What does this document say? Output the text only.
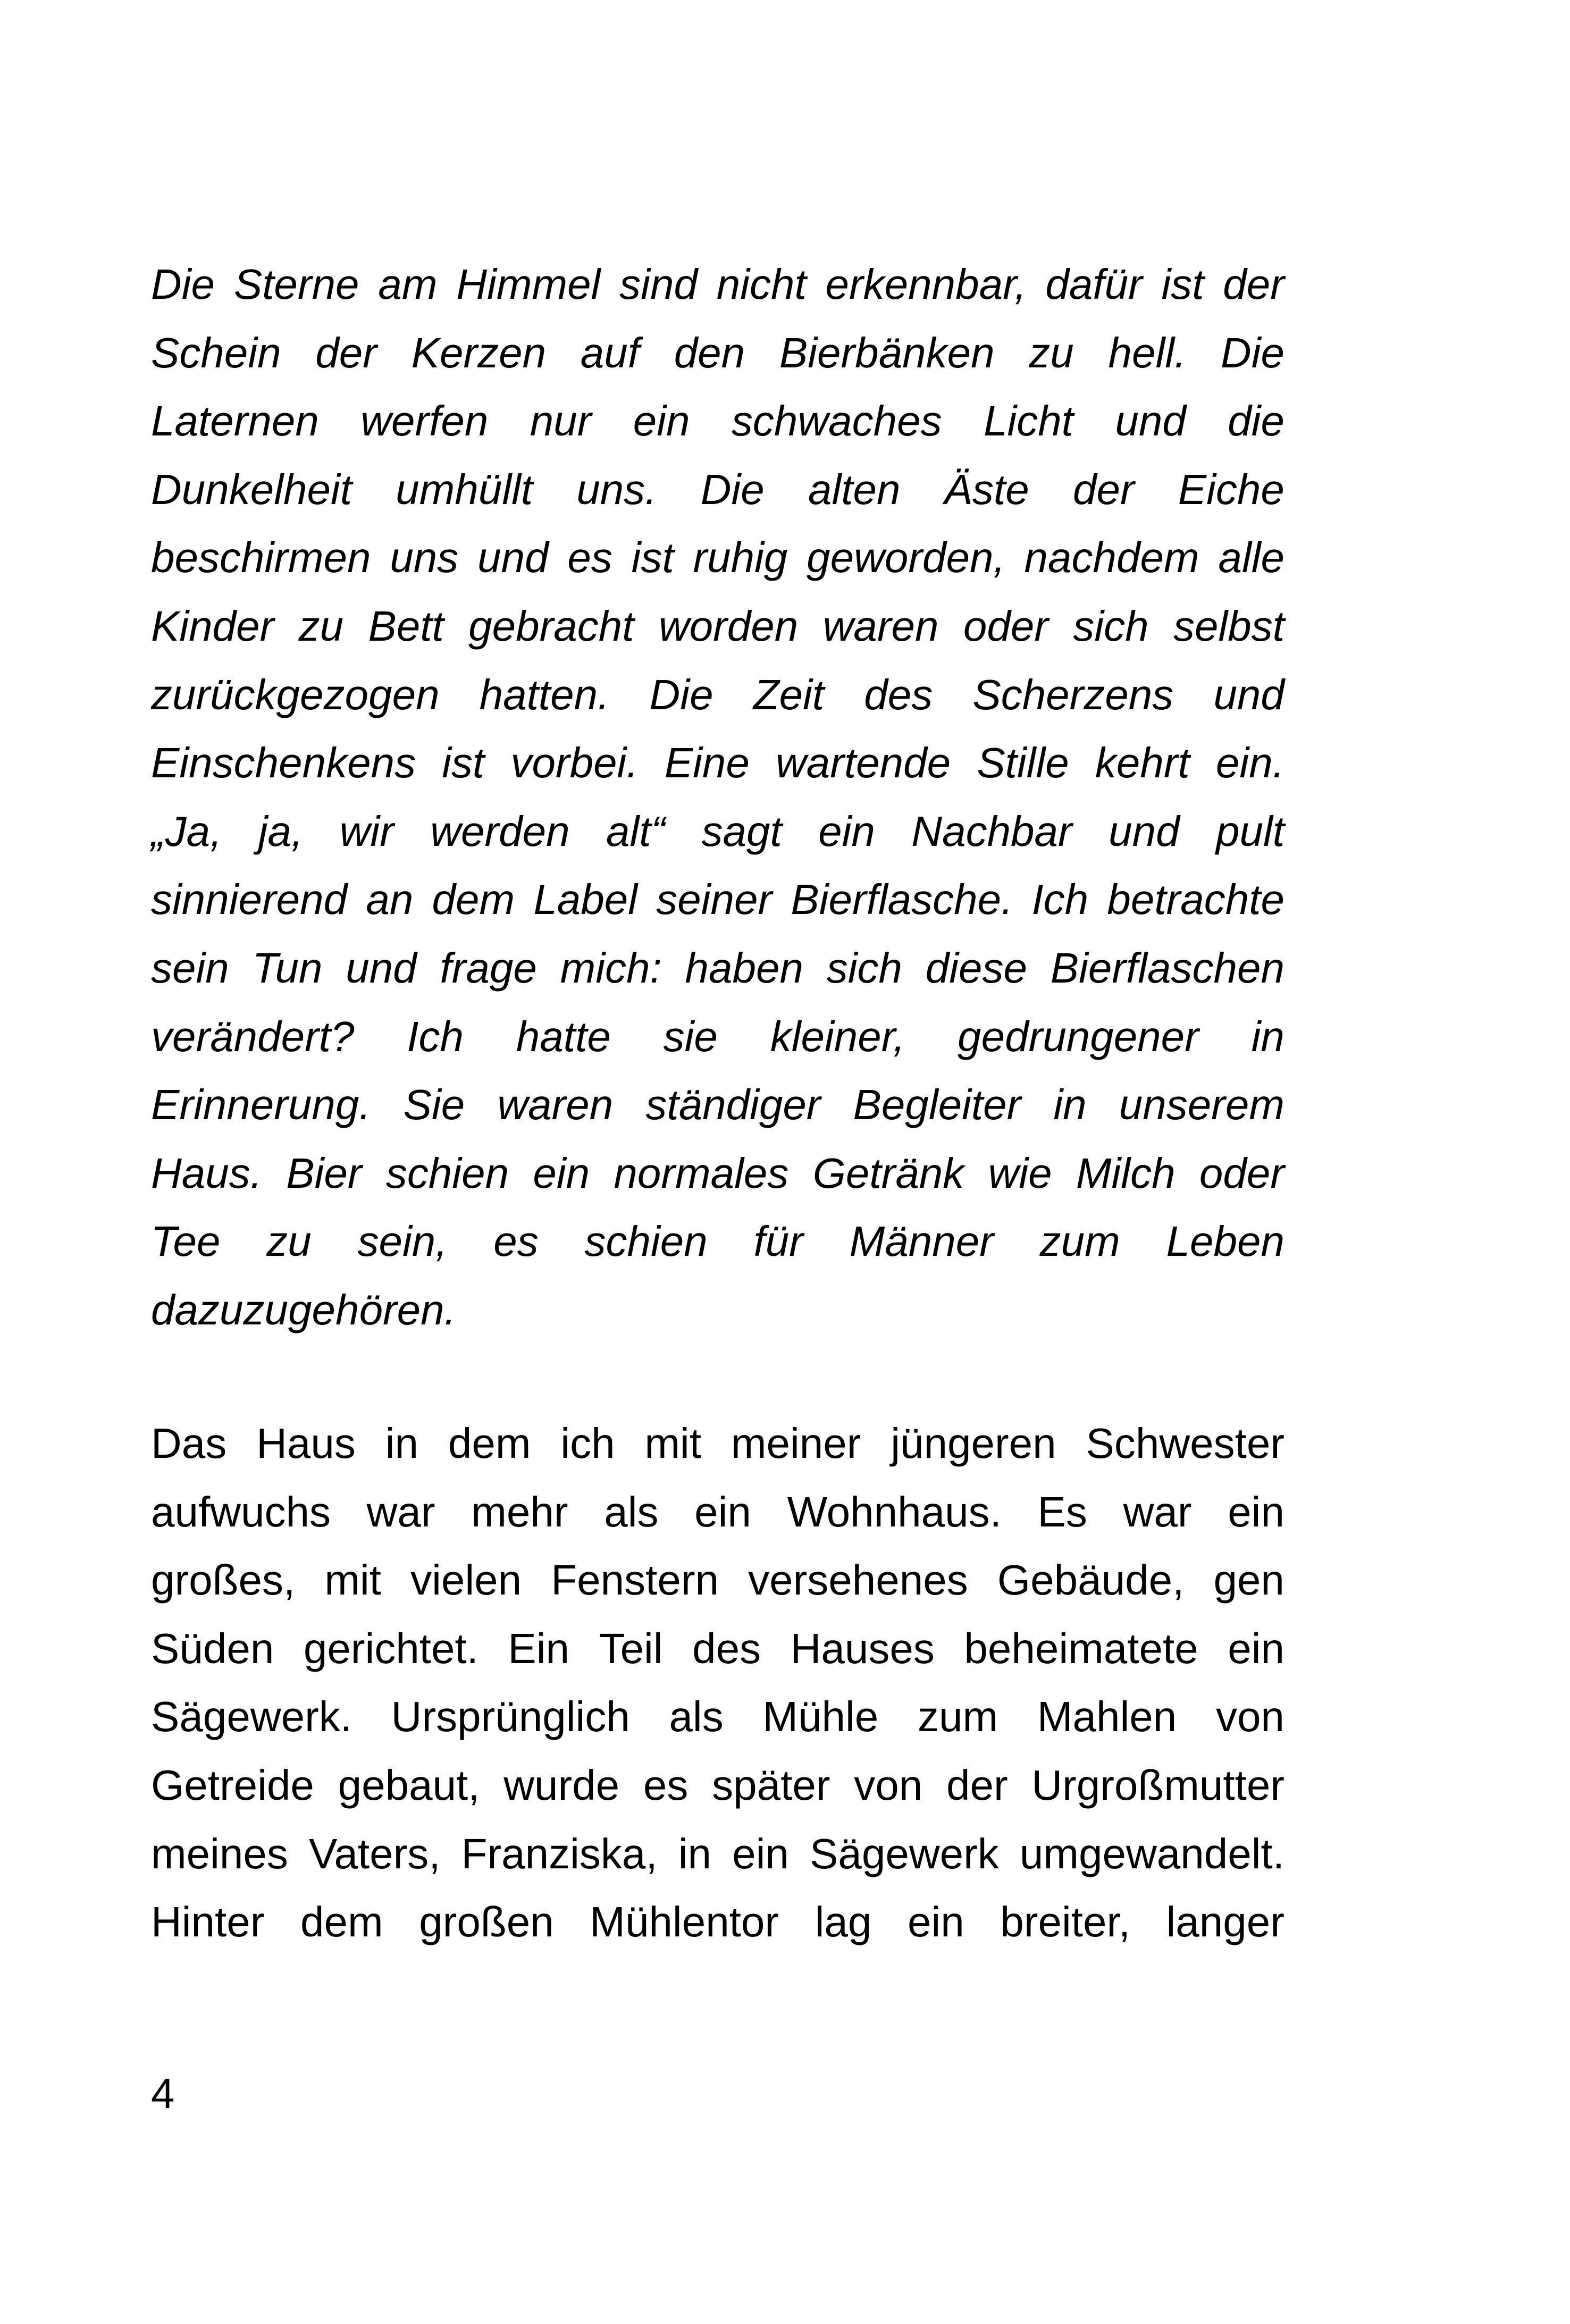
Die Sterne am Himmel sind nicht erkennbar, dafür ist der
Schein der Kerzen auf den Bierbänken zu hell. Die
Laternen werfen nur ein schwaches Licht und die
Dunkelheit umhüllt uns. Die alten Äste der Eiche
beschirmen uns und es ist ruhig geworden, nachdem alle
Kinder zu Bett gebracht worden waren oder sich selbst
zurückgezogen hatten. Die Zeit des Scherzens und
Einschenkens ist vorbei. Eine wartende Stille kehrt ein.
„Ja, ja, wir werden alt“ sagt ein Nachbar und pult
sinnierend an dem Label seiner Bierflasche. Ich betrachte
sein Tun und frage mich: haben sich diese Bierflaschen
verändert? Ich hatte sie kleiner, gedrungener in
Erinnerung. Sie waren ständiger Begleiter in unserem
Haus. Bier schien ein normales Getränk wie Milch oder
Tee zu sein, es schien für Männer zum Leben
dazuzugehören.
Das Haus in dem ich mit meiner jüngeren Schwester
aufwuchs war mehr als ein Wohnhaus. Es war ein
großes, mit vielen Fenstern versehenes Gebäude, gen
Süden gerichtet. Ein Teil des Hauses beheimatete ein
Sägewerk. Ursprünglich als Mühle zum Mahlen von
Getreide gebaut, wurde es später von der Urgroßmutter
meines Vaters, Franziska, in ein Sägewerk umgewandelt.
Hinter dem großen Mühlentor lag ein breiter, langer
4
